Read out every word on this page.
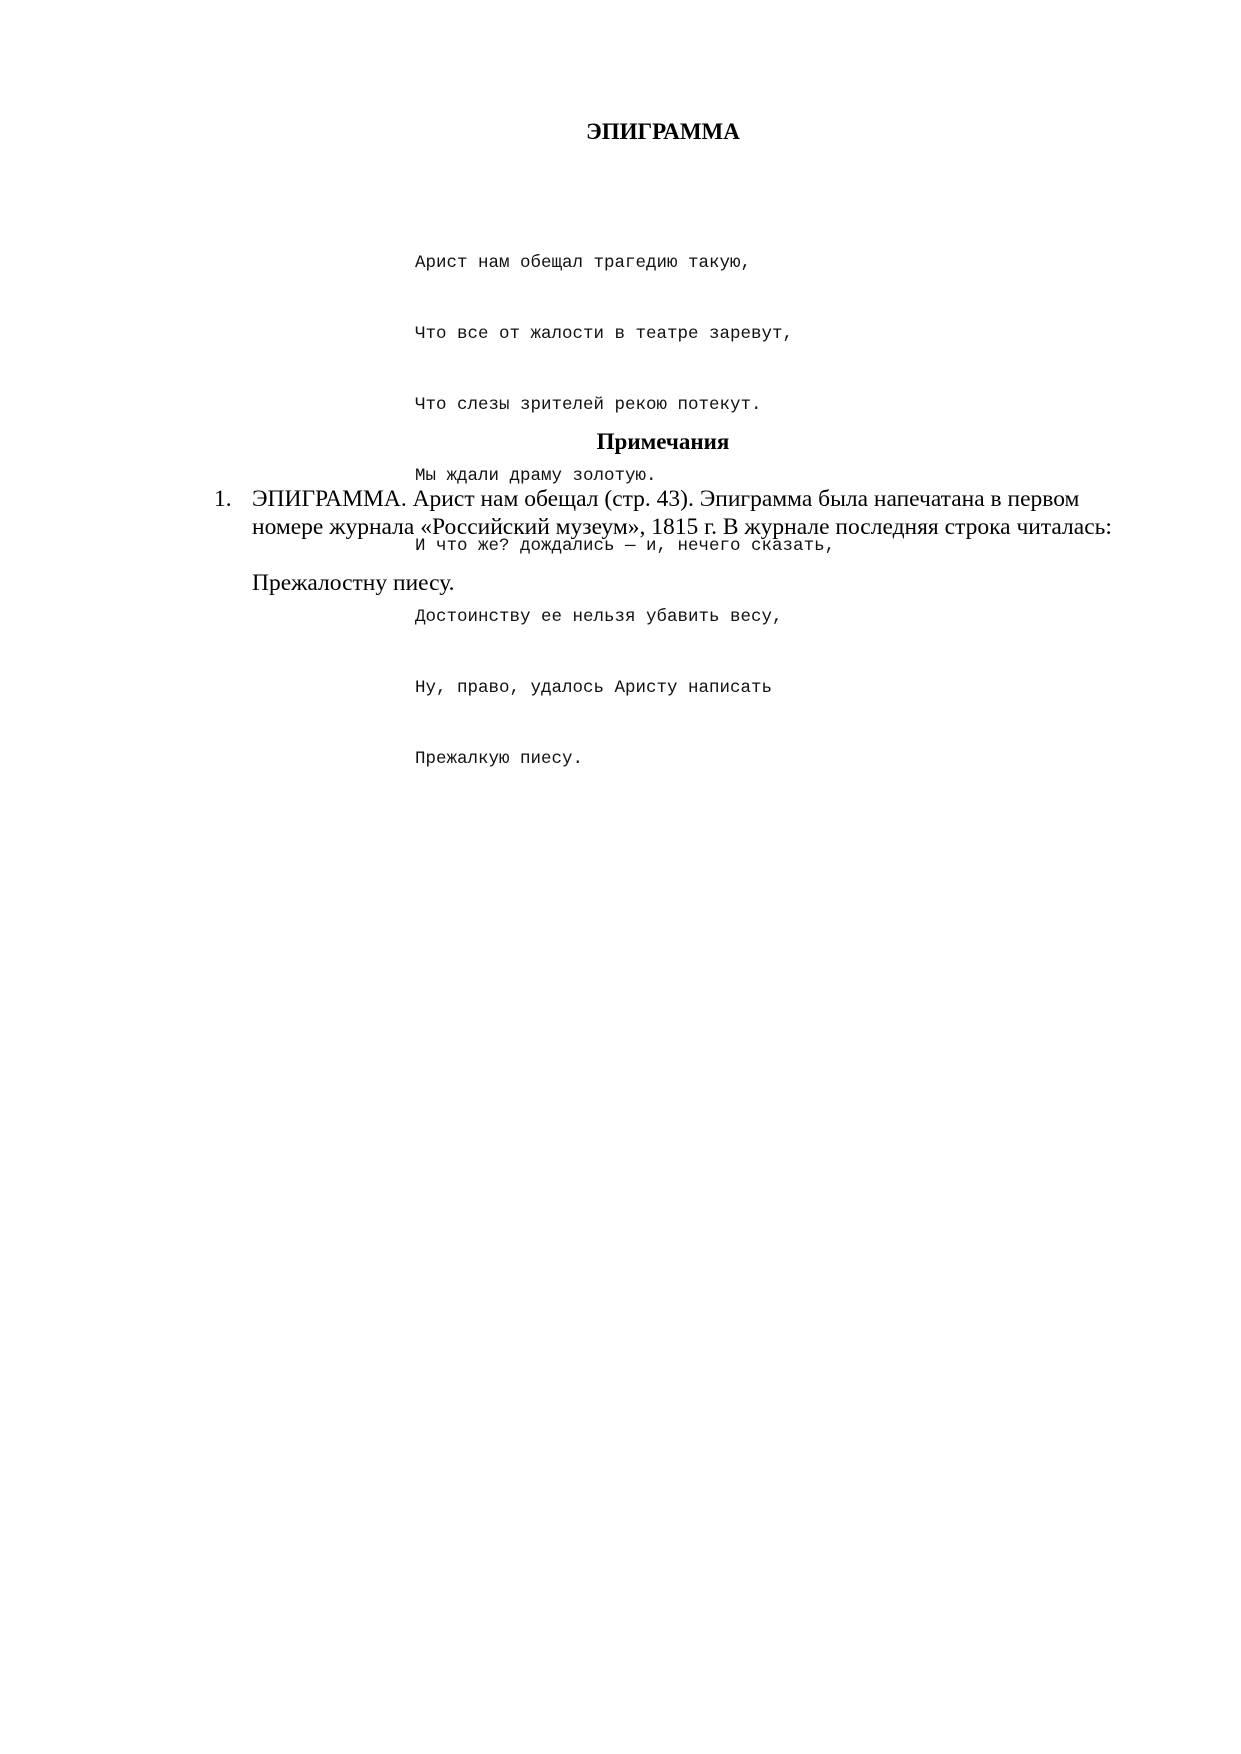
ЭПИГРАММА

Арист нам обещал трагедию такую,

Что все от жалости в театре заревут,

Что слезы зрителей рекою потекут.

Мы ждали драму золотую.

И что же? дождались — и, нечего сказать,

Достоинству ее нельзя убавить весу,

Ну, право, удалось Аристу написать

Прежалкую пиесу.

Примечания
1. ЭПИГРАММА. Арист нам обещал (стр. 43). Эпиграмма была напечатана в первом номере журнала «Российский музеум», 1815 г. В журнале последняя строка читалась:

Прежалостну пиесу.
